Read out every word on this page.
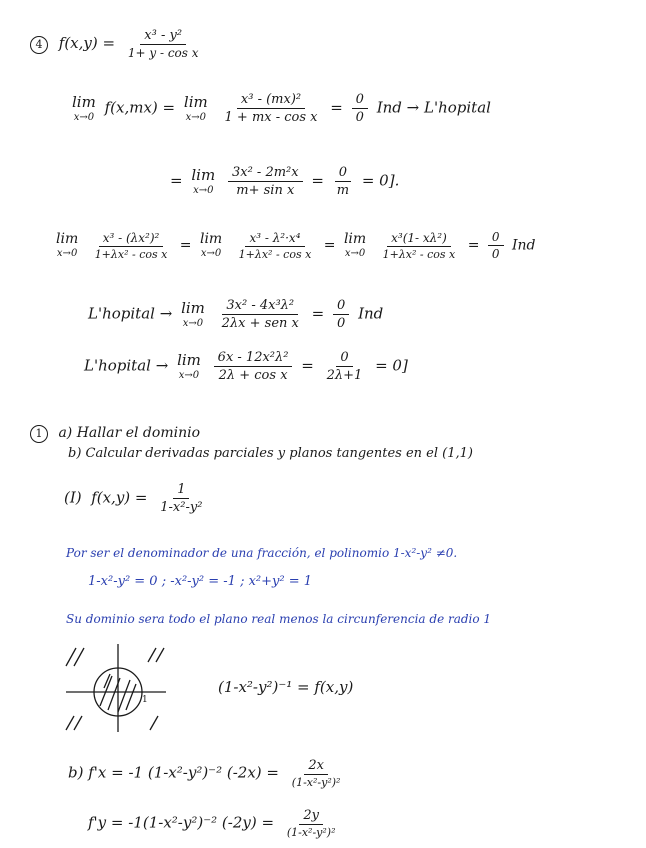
4 $f(x,y) = \frac{\text{x³ - y²}}{\text{1+ y - cos x}}$
lim
x→0
f(x,mx) = lim
x→0
$\frac{\text{x³ - (mx)²}}{\text{1 + mx - cos x}} = \frac{0}{0}$ Ind → L'hopital
= lim
x→0
$\frac{\text{3x² - 2m²x}}{\text{m+ sin x}} = \frac{0}{m} = 0$].
lim
x→0
$\frac{\text{x³ - (λx²)²}}{\text{1+λx² - cos x}} = \lim$
x→0
$\frac{\text{x³ - λ²·x⁴}}{\text{1+λx² - cos x}} = \lim$
x→0
$\frac{\text{x³(1- xλ²)}}{\text{1+λx² - cos x}} = \frac{0}{0}$ Ind
L'hopital → lim
x→0
$\frac{\text{3x² - 4x³λ²}}{\text{2λx + sen x}} = \frac{0}{0}$ Ind
L'hopital → lim
x→0
$\frac{\text{6x - 12x²λ²}}{\text{2λ + cos x}} = \frac{0}{2\lambda+1} = 0$]
1 a) Hallar el dominio
b) Calcular derivadas parciales y planos tangentes en el (1,1)
(I) $f(x,y) = \frac{1}{\text{1-x²-y²}}$
Por ser el denominador de una fracción, el polinomio 1-x²-y² ≠0.
1-x²-y² = 0 ; -x²-y² = -1 ; x²+y² = 1
Su dominio sera todo el plano real menos la circunferencia de radio 1
1
(1-x²-y²)⁻¹ = f(x,y)
b) f'x = -1 (1-x²-y²)⁻² $(-2x) = \frac{2x}{\text{(1-x²-y²)²}}$
f'y = -1(1-x²-y²)⁻² $(-2y) = \frac{2y}{\text{(1-x²-y²)²}}$
